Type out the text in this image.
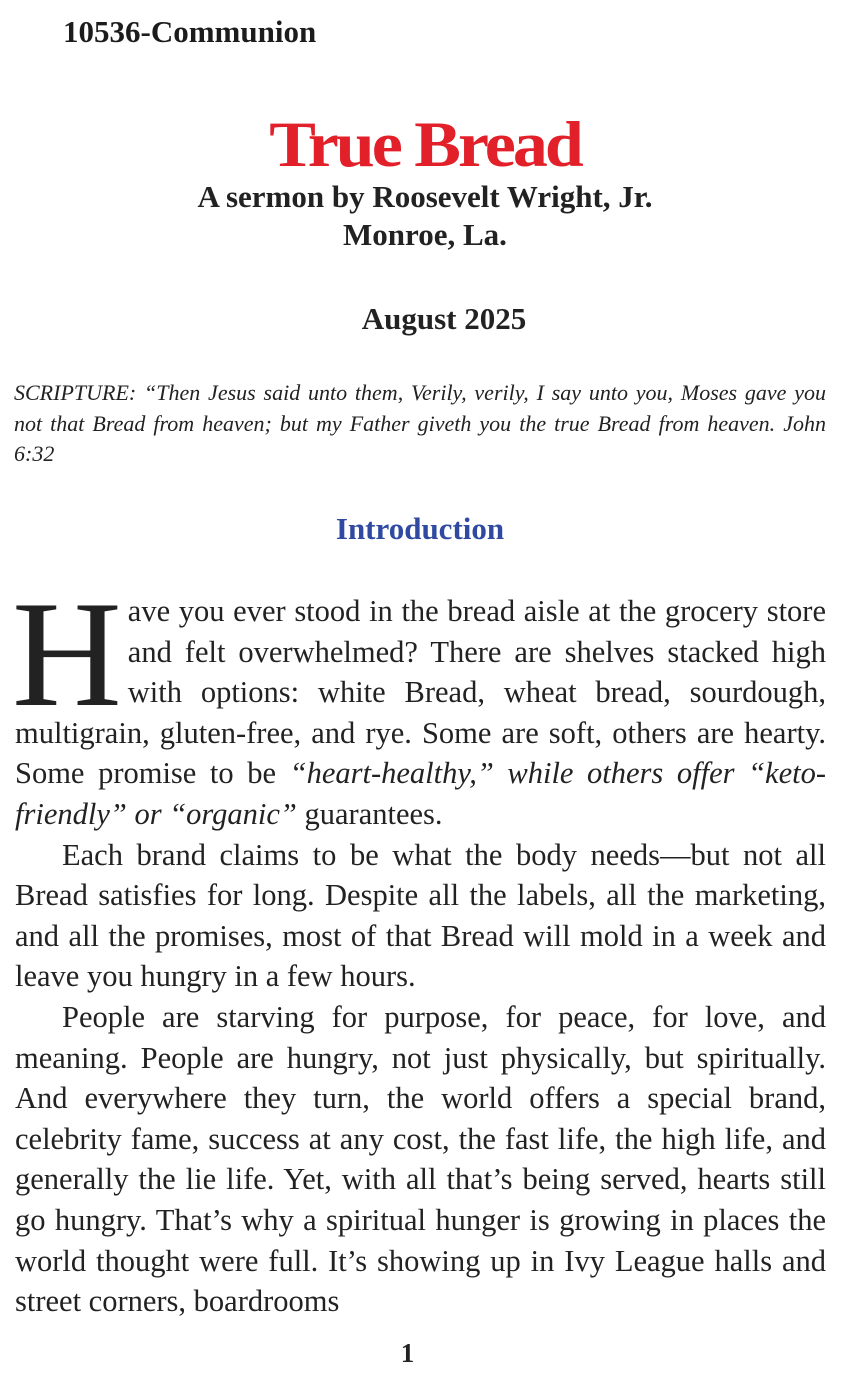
10536-Communion
True Bread
A sermon by Roosevelt Wright, Jr.
Monroe, La.
August 2025
SCRIPTURE: “Then Jesus said unto them, Verily, verily, I say unto you, Moses gave you not that Bread from heaven; but my Father giveth you the true Bread from heaven. John 6:32
Introduction

Have you ever stood in the bread aisle at the grocery store and felt overwhelmed? There are shelves stacked high with options: white Bread, wheat bread, sourdough, multigrain, gluten-free, and rye. Some are soft, others are hearty. Some promise to be “heart-healthy,” while others offer “keto-friendly” or “organic” guarantees.

Each brand claims to be what the body needs—but not all Bread satisfies for long. Despite all the labels, all the marketing, and all the promises, most of that Bread will mold in a week and leave you hungry in a few hours.

People are starving for purpose, for peace, for love, and meaning. People are hungry, not just physically, but spiritually. And everywhere they turn, the world offers a special brand, celebrity fame, success at any cost, the fast life, the high life, and generally the lie life. Yet, with all that’s being served, hearts still go hungry. That’s why a spiritual hunger is growing in places the world thought were full. It’s showing up in Ivy League halls and street corners, boardrooms

1
